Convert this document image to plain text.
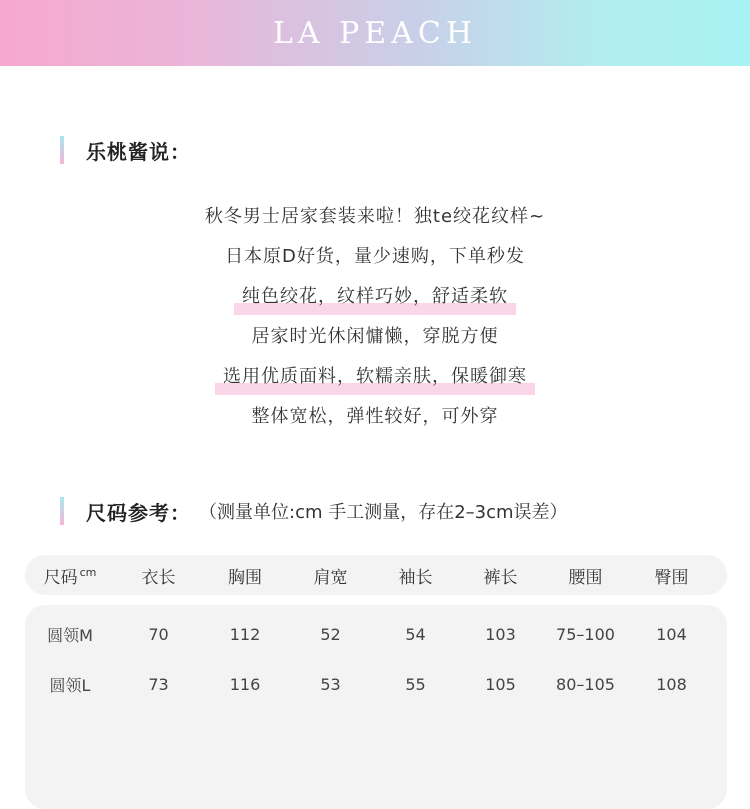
LA PEACH
乐桃酱说：
秋冬男士居家套装来啦！独te绞花纹样~
日本原D好货，量少速购，下单秒发
纯色绞花，纹样巧妙，舒适柔软
居家时光休闲慵懒，穿脱方便
选用优质面料，软糯亲肤，保暖御寒
整体宽松，弹性较好，可外穿
尺码参考： （测量单位:cm 手工测量，存在2–3cm误差）
尺码 $^{cm}$	衣长	胸围	肩宽	袖长	裤长	腰围	臀围
圆领M	70	112	52	54	103	75–100	104
圆领L	73	116	53	55	105	80–105	108
